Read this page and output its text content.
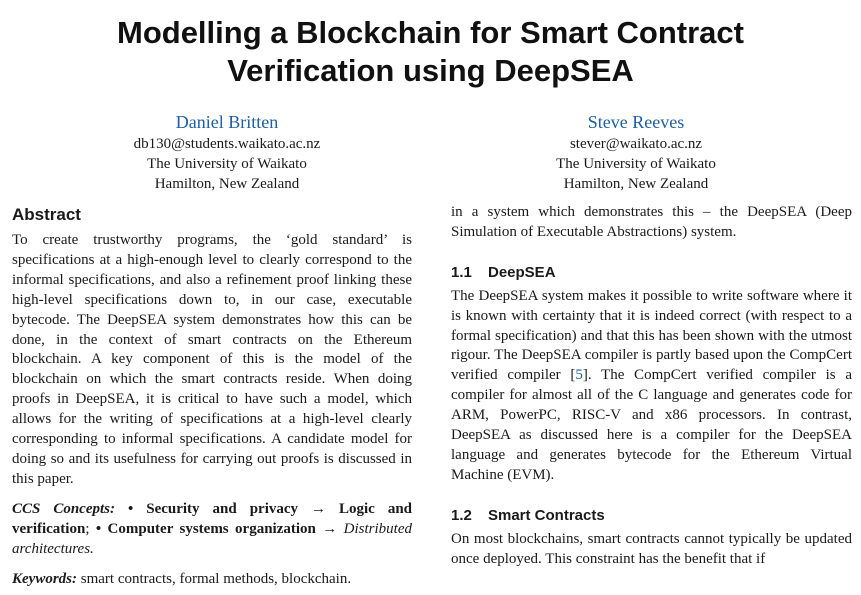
Modelling a Blockchain for Smart Contract
Verification using DeepSEA
Daniel Britten
db130@students.waikato.ac.nz
The University of Waikato
Hamilton, New Zealand
Steve Reeves
stever@waikato.ac.nz
The University of Waikato
Hamilton, New Zealand
Abstract

To create trustworthy programs, the ‘gold standard’ is specifications at a high-enough level to clearly correspond to the informal specifications, and also a refinement proof linking these high-level specifications down to, in our case, executable bytecode. The DeepSEA system demonstrates how this can be done, in the context of smart contracts on the Ethereum blockchain. A key component of this is the model of the blockchain on which the smart contracts reside. When doing proofs in DeepSEA, it is critical to have such a model, which allows for the writing of specifications at a high-level clearly corresponding to informal specifications. A candidate model for doing so and its usefulness for carrying out proofs is discussed in this paper.

CCS Concepts: • Security and privacy → Logic and verification; • Computer systems organization → Distributed architectures.

Keywords: smart contracts, formal methods, blockchain.

in a system which demonstrates this – the DeepSEA (Deep Simulation of Executable Abstractions) system.

1.1 DeepSEA

The DeepSEA system makes it possible to write software where it is known with certainty that it is indeed correct (with respect to a formal specification) and that this has been shown with the utmost rigour. The DeepSEA compiler is partly based upon the CompCert verified compiler [5]. The CompCert verified compiler is a compiler for almost all of the C language and generates code for ARM, PowerPC, RISC-V and x86 processors. In contrast, DeepSEA as discussed here is a compiler for the DeepSEA language and generates bytecode for the Ethereum Virtual Machine (EVM).

1.2 Smart Contracts

On most blockchains, smart contracts cannot typically be updated once deployed. This constraint has the benefit that if
